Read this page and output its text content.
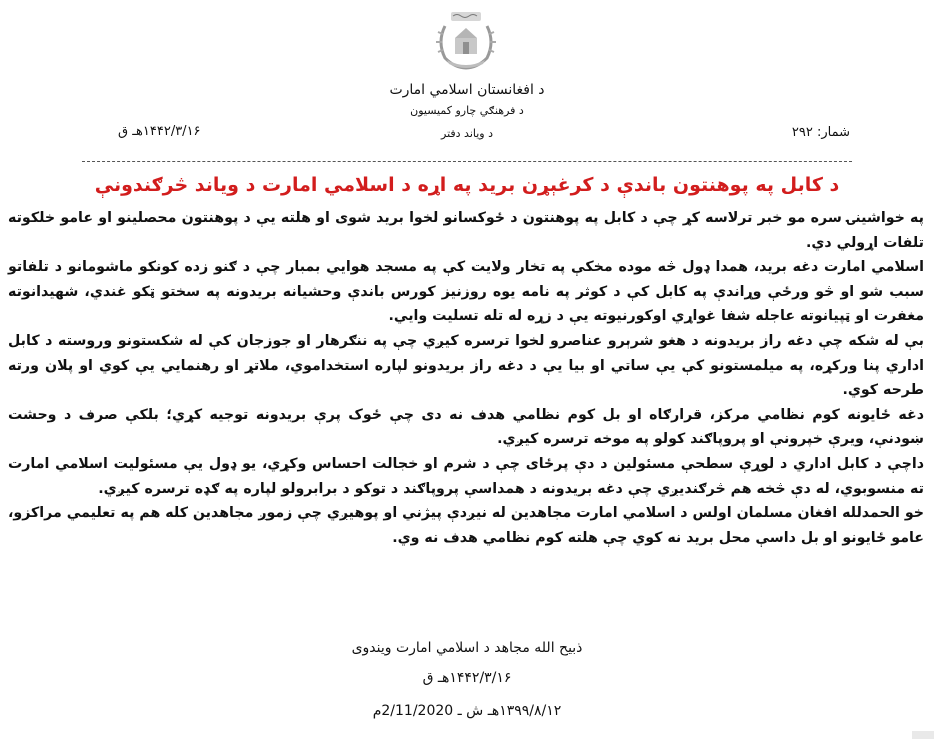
د افغانستان اسلامي امارت
د فرهنګي چارو کمیسیون
د ویاند دفتر	شمار: ۲۹۲
۱۴۴۲/۳/۱۶هـ ق
د کابل په پوهنتون باندې د کرغېړن برید په اړه د اسلامي امارت د ویاند څرګندونې

په خواشینۍ سره مو خبر ترلاسه کړ چې د کابل په پوهنتون د ځوکسانو لخوا برید شوی او هلته یې د پوهنتون محصلینو او عامو خلکوته تلفات اړولي دي.

اسلامي امارت دغه برید، همدا ډول څه موده مخکې په تخار ولایت کې په مسجد هوایي بمبار چې د ګنو زده کونکو ماشومانو د تلفاتو سبب شو او څو ورځې وړاندې په کابل کې د کوثر په نامه یوه روزنیز کورس باندې وحشیانه بریدونه په سختو ټکو غندي، شهیدانوته مغفرت او ټپیانوته عاجله شفا غواړي اوکورنیوته یې د زړه له تله تسلیت وایي.

بې له شکه چې دغه راز بریدونه د هغو شرېرو عناصرو لخوا ترسره کیږي چې په ننګرهار او جوزجان کې له شکستونو وروسته د کابل اداري پنا ورکړه، په میلمستونو کې یې ساتي او بیا یې د دغه راز بریدونو لپاره استخداموي، ملاتړ او رهنمايي یې کوي او پلان ورته طرحه کوي.

دغه ځایونه کوم نظامي مرکز، قرارګاه او بل کوم نظامي هدف نه دی چې ځوک پرې بریدونه توجیه کړي؛ بلکې صرف د وحشت ښودنې، ویرې خپرونې او پروپاګند کولو په موخه ترسره کیږي.

داچې د کابل اداري د لوړې سطحې مسئولین د دې پرځای چې د شرم او خجالت احساس وکړي، یو ډول یې مسئولیت اسلامي امارت ته منسوبوي، له دې څخه هم څرګندیږي چې دغه بریدونه د همداسې پروپاګند د توکو د برابرولو لپاره په ګډه ترسره کیږي.

خو الحمدلله افغان مسلمان اولس د اسلامي امارت مجاهدین له نیږدې پیژني او پوهیږي چې زموږ مجاهدین کله هم په تعلیمي مراکزو، عامو ځایونو او بل داسې محل برید نه کوي چې هلته کوم نظامي هدف نه وي.

ذبیح الله مجاهد د اسلامي امارت ویندوی
۱۴۴۲/۳/۱۶هـ ق
۱۳۹۹/۸/۱۲هـ ش ـ 2/11/2020م
